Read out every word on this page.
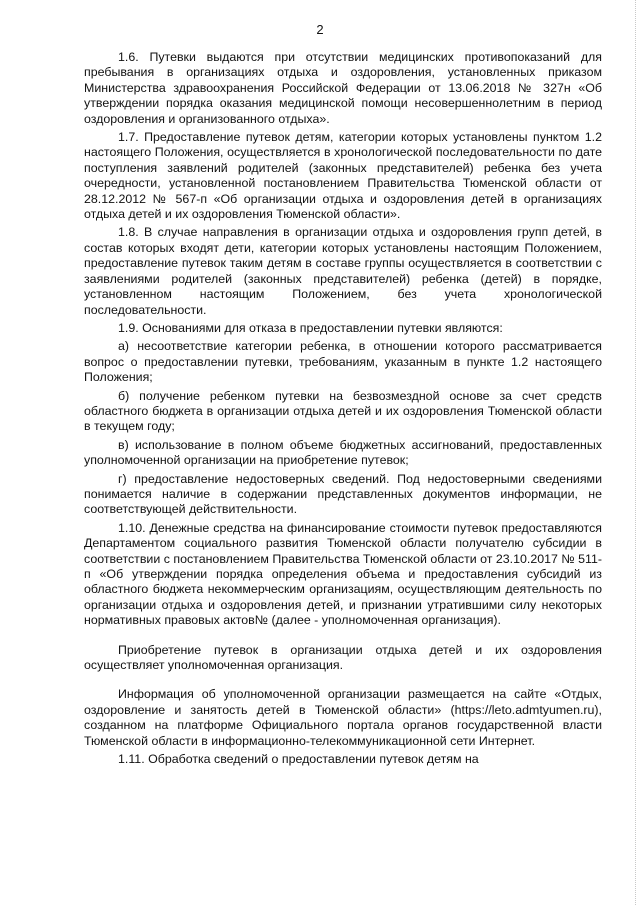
2

1.6. Путевки выдаются при отсутствии медицинских противопоказаний для пребывания в организациях отдыха и оздоровления, установленных приказом Министерства здравоохранения Российской Федерации от 13.06.2018 № 327н «Об утверждении порядка оказания медицинской помощи несовершеннолетним в период оздоровления и организованного отдыха».

1.7. Предоставление путевок детям, категории которых установлены пунктом 1.2 настоящего Положения, осуществляется в хронологической последовательности по дате поступления заявлений родителей (законных представителей) ребенка без учета очередности, установленной постановлением Правительства Тюменской области от 28.12.2012 № 567-п «Об организации отдыха и оздоровления детей в организациях отдыха детей и их оздоровления Тюменской области».

1.8. В случае направления в организации отдыха и оздоровления групп детей, в состав которых входят дети, категории которых установлены настоящим Положением, предоставление путевок таким детям в составе группы осуществляется в соответствии с заявлениями родителей (законных представителей) ребенка (детей) в порядке, установленном настоящим Положением, без учета хронологической последовательности.

1.9. Основаниями для отказа в предоставлении путевки являются:

а) несоответствие категории ребенка, в отношении которого рассматривается вопрос о предоставлении путевки, требованиям, указанным в пункте 1.2 настоящего Положения;

б) получение ребенком путевки на безвозмездной основе за счет средств областного бюджета в организации отдыха детей и их оздоровления Тюменской области в текущем году;

в) использование в полном объеме бюджетных ассигнований, предоставленных уполномоченной организации на приобретение путевок;

г) предоставление недостоверных сведений. Под недостоверными сведениями понимается наличие в содержании представленных документов информации, не соответствующей действительности.

1.10. Денежные средства на финансирование стоимости путевок предоставляются Департаментом социального развития Тюменской области получателю субсидии в соответствии с постановлением Правительства Тюменской области от 23.10.2017 № 511-п «Об утверждении порядка определения объема и предоставления субсидий из областного бюджета некоммерческим организациям, осуществляющим деятельность по организации отдыха и оздоровления детей, и признании утратившими силу некоторых нормативных правовых актов№ (далее - уполномоченная организация).

Приобретение путевок в организации отдыха детей и их оздоровления осуществляет уполномоченная организация.

Информация об уполномоченной организации размещается на сайте «Отдых, оздоровление и занятость детей в Тюменской области» (https://leto.admtyumen.ru), созданном на платформе Официального портала органов государственной власти Тюменской области в информационно-телекоммуникационной сети Интернет.

1.11. Обработка сведений о предоставлении путевок детям на
